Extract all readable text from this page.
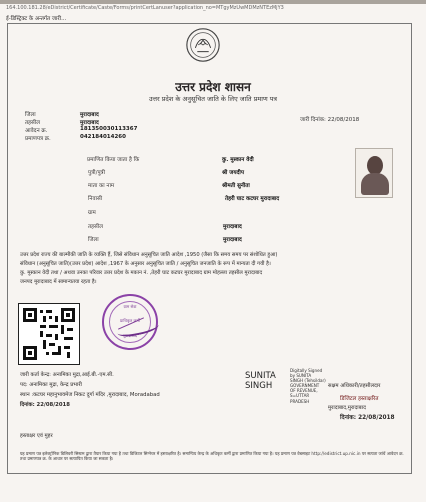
164.100.181.28/eDistrict/Certificate/Caste/Forms/printCertLanuser?application_no=MTgyMzUwMDMzNTEzMjY3
ई-डिस्ट्रिक्ट के अन्तर्गत जारी...
उत्तर प्रदेश शासन
उत्तर प्रदेश के अनुसूचित जाति के लिए जाति प्रमाण पत्र
जिला	मुरादाबाद
तहसील	मुरादाबाद
आवेदन क्र.	181350030113367
प्रमाणपत्र क्र.	042184014260
जारी दिनांक: 22/08/2018
प्रमाणित किया जाता है कि	कु. मुस्कान वेदी
पुत्री/पुत्री	श्री जयदीप
माता का नाम	श्रीमती सुनीता
निवासी	तेहरी घाट कटघर मुरादाबाद
ग्राम
तहसील	मुरादाबाद
जिला	मुरादाबाद
उत्तर प्रदेश राज्य की बाल्मीकी जाति के व्यक्ति हैं, जिसे संविधान अनुसूचित जाति आदेश ,1950 (जैसा कि समय समय पर संशोधित हुआ)
संविधान (अनुसूचित जाति)(उत्तर प्रदेश) आदेश ,1967 के अनुसार अनुसूचित जाति / अनुसूचित जनजाति के रूप में मान्यता दी गयी है।
कु. मुस्कान वेदी तथा / अथवा उनका परिवार उत्तर प्रदेश के मकान नं. ,तेहरी घाट कटघर मुरादाबाद ग्राम मोहल्ला तहसील मुरादाबाद
जनपद मुरादाबाद में सामान्यतया रहता है।
ग्राम सेवा
प्राधिकृत कर्मी
मुरादाबाद
जारी कर्ता केन्द्र: अनामिका मुद्रा,आई.बी.-एम.सी.
पद: अनामिका मुद्रा, केन्द्र प्रभारी
स्थान :कटघर महानुभावमेज निकट दुर्गा मंदिर ,मुरादाबाद, Moradabad
दिनांक: 22/08/2018
SUNITA
SINGH
Digitally Signed
by SUNITA
SINGH (Tehsildar)
GOVERNMENT
OF REVENUE,
S=UTTAR
PRADESH
सक्षम अधिकारी/तहसीलदार
डिजिटल हस्ताक्षरित
मुरादाबाद,मुरादाबाद
दिनांक: 22/08/2018
हस्ताक्षर एवं मुहर
यह प्रमाण पत्र इलेक्ट्रॉनिक डिलिवरी सिस्टम द्वारा तैयार किया गया है तथा डिजिटल सिग्नेचर में हस्ताक्षरित है। समान्यिय केन्द्र के अधिकृत कर्मी द्वारा प्रमाणित किया गया है। यह प्रमाण पत्र वेबसाइट http://edistrict.up.nic.in पर सत्यता जांचें आवेदन क्र. तथा प्रमाणपत्र क्र. के आधार पर सत्यापित किया जा सकता है।
